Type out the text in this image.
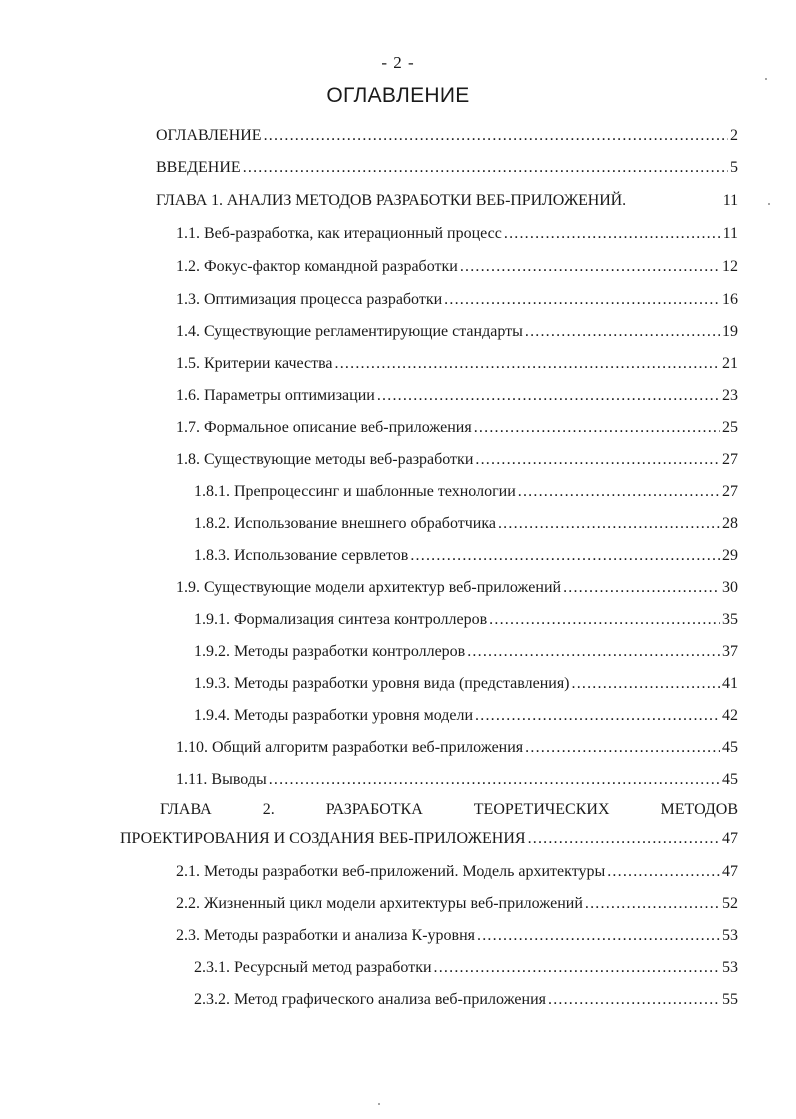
- 2 -
ОГЛАВЛЕНИЕ
ОГЛАВЛЕНИЕ .....	2
ВВЕДЕНИЕ .....	5
ГЛАВА 1. АНАЛИЗ МЕТОДОВ РАЗРАБОТКИ ВЕБ-ПРИЛОЖЕНИЙ.	11
1.1. Веб-разработка, как итерационный процесс .....	11
1.2. Фокус-фактор командной разработки .....	12
1.3. Оптимизация процесса разработки .....	16
1.4. Существующие регламентирующие стандарты .....	19
1.5. Критерии качества .....	21
1.6. Параметры оптимизации .....	23
1.7. Формальное описание веб-приложения .....	25
1.8. Существующие методы веб-разработки .....	27
1.8.1. Препроцессинг и шаблонные технологии .....	27
1.8.2. Использование внешнего обработчика .....	28
1.8.3. Использование сервлетов .....	29
1.9. Существующие модели архитектур веб-приложений .....	30
1.9.1. Формализация синтеза контроллеров .....	35
1.9.2. Методы разработки контроллеров .....	37
1.9.3. Методы разработки уровня вида (представления) .....	41
1.9.4. Методы разработки уровня модели .....	42
1.10. Общий алгоритм разработки веб-приложения .....	45
1.11. Выводы .....	45
ГЛАВА	2.	РАЗРАБОТКА	ТЕОРЕТИЧЕСКИХ	МЕТОДОВ
ПРОЕКТИРОВАНИЯ И СОЗДАНИЯ ВЕБ-ПРИЛОЖЕНИЯ .....	47
2.1. Методы разработки веб-приложений. Модель архитектуры .....	47
2.2. Жизненный цикл модели архитектуры веб-приложений .....	52
2.3. Методы разработки и анализа К-уровня .....	53
2.3.1. Ресурсный метод разработки .....	53
2.3.2. Метод графического анализа веб-приложения .....	55
